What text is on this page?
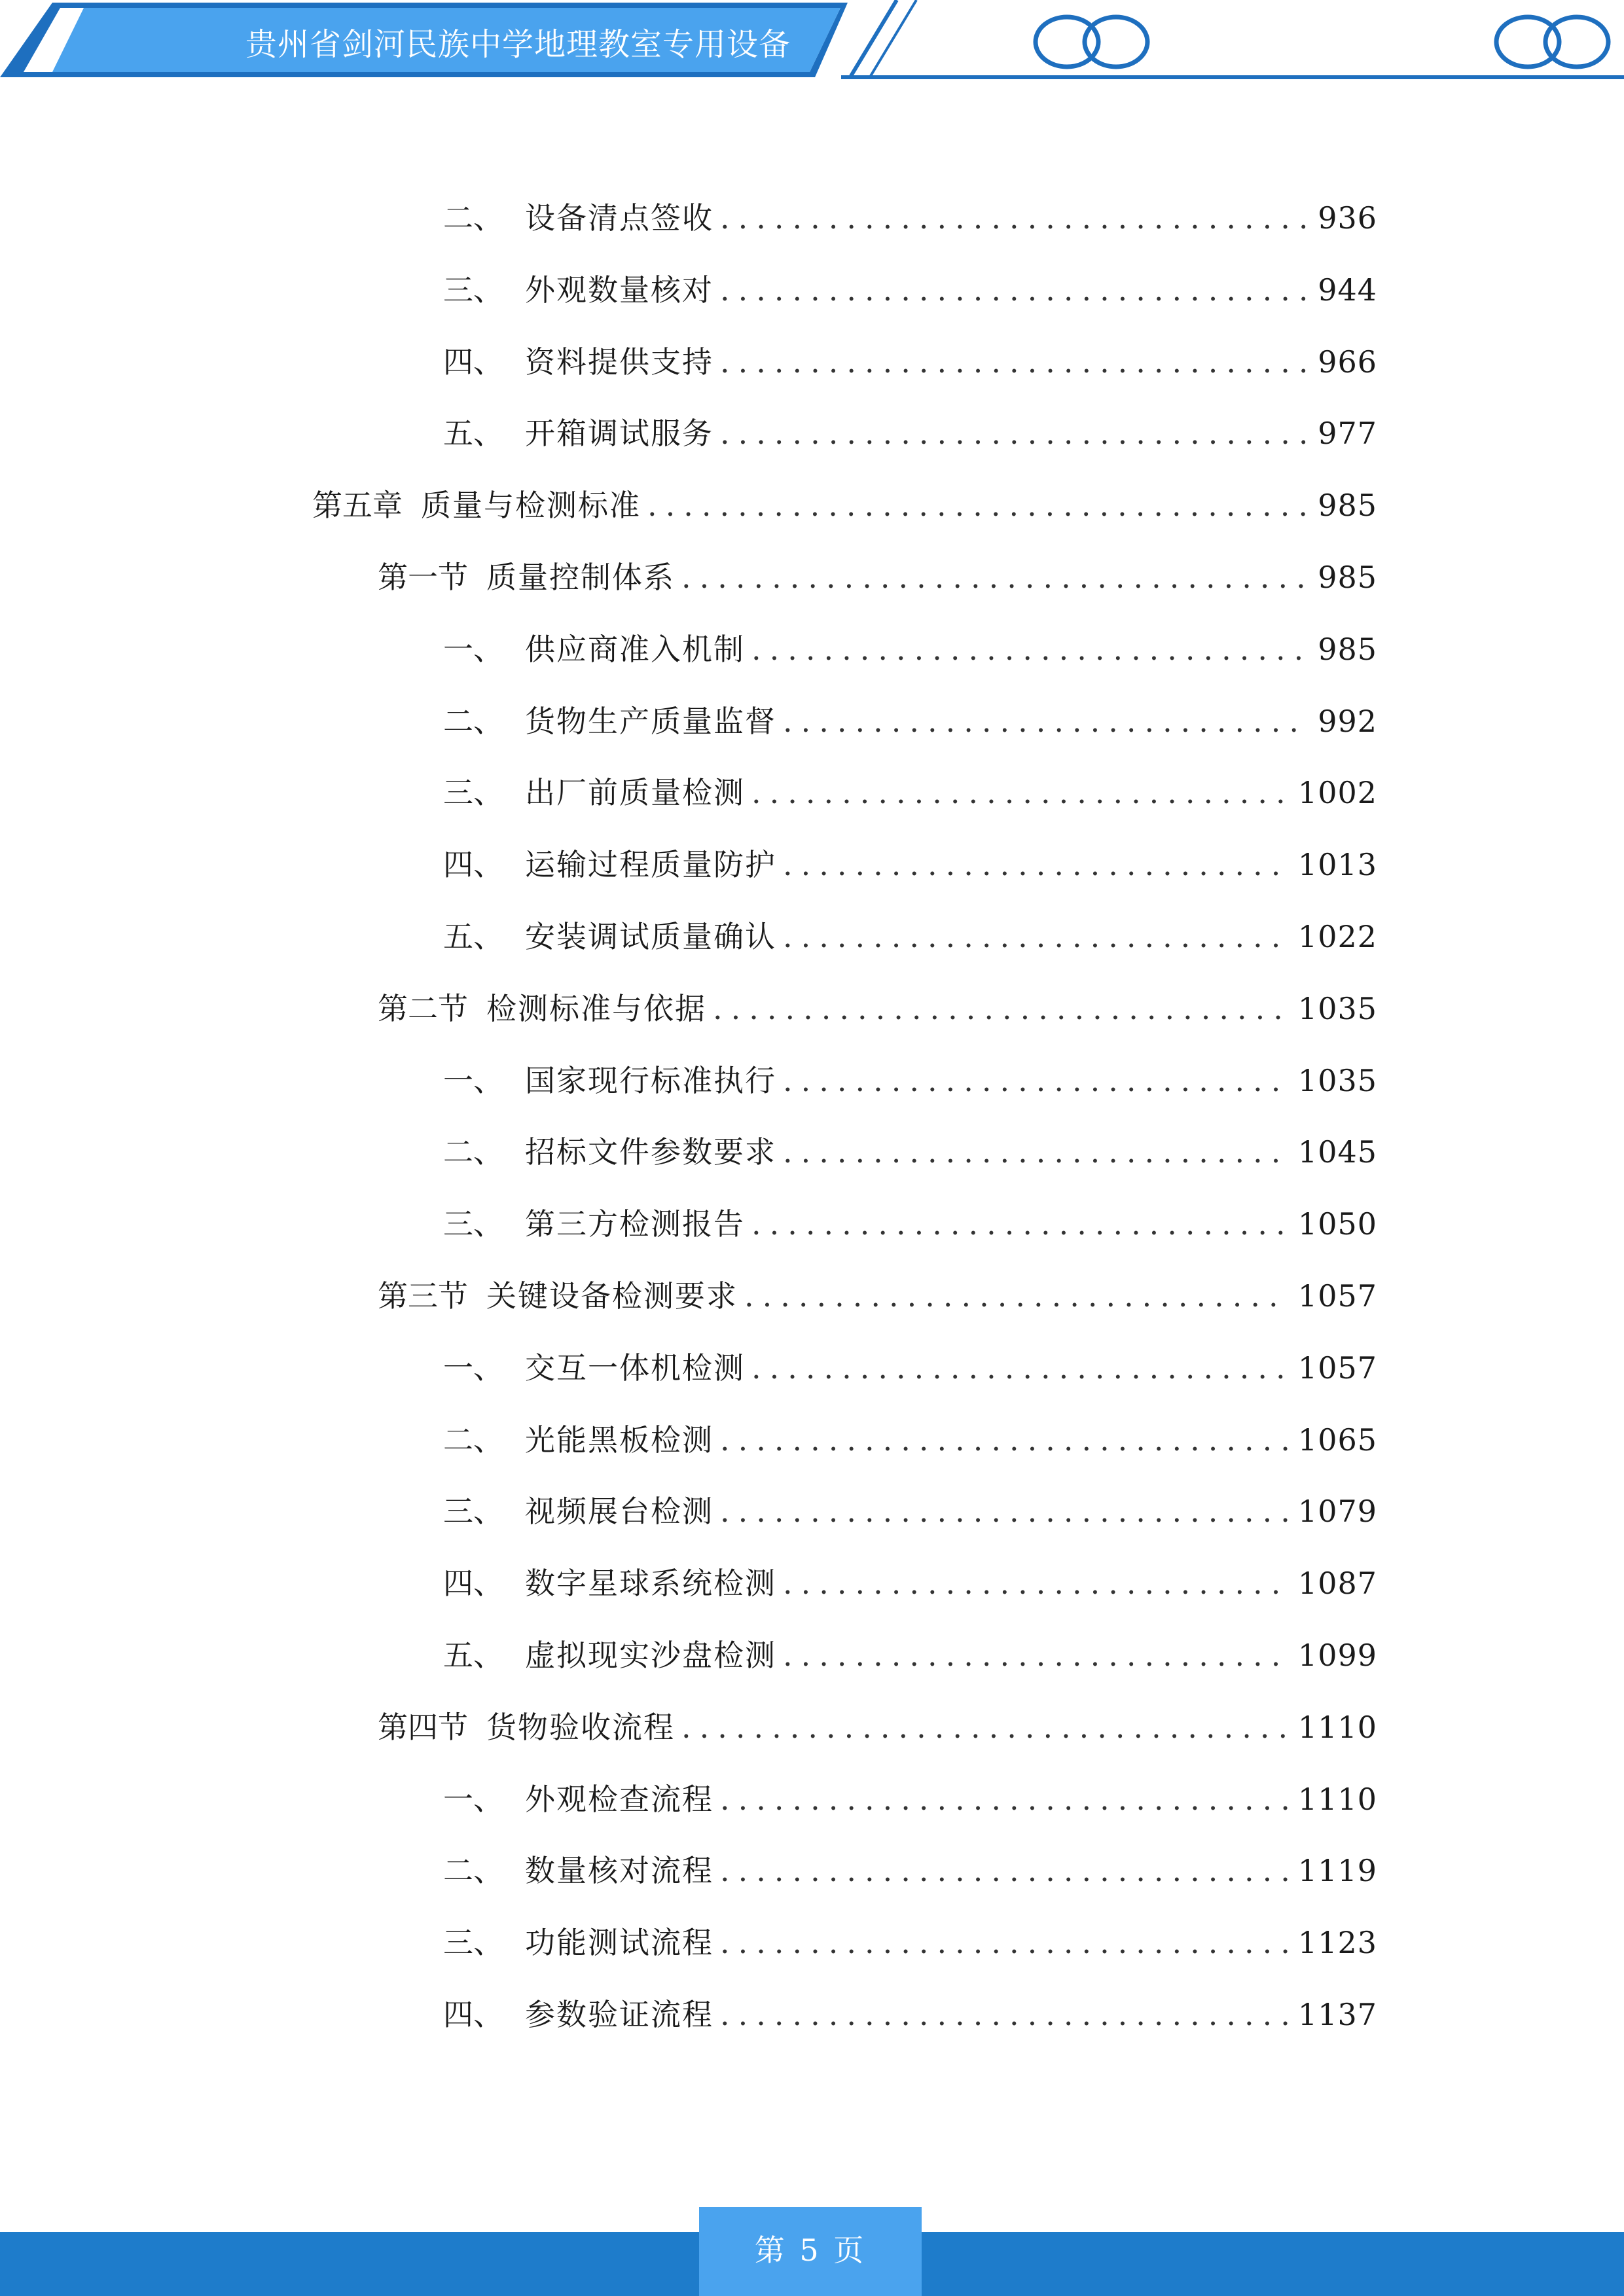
贵州省剑河民族中学地理教室专用设备
二、 设备清点签收 .....	936
三、 外观数量核对 .....	944
四、 资料提供支持 .....	966
五、 开箱调试服务 .....	977
第五章 质量与检测标准 .....	985
第一节 质量控制体系 .....	985
一、 供应商准入机制 .....	985
二、 货物生产质量监督 .....	992
三、 出厂前质量检测 .....	1002
四、 运输过程质量防护 .....	1013
五、 安装调试质量确认 .....	1022
第二节 检测标准与依据 .....	1035
一、 国家现行标准执行 .....	1035
二、 招标文件参数要求 .....	1045
三、 第三方检测报告 .....	1050
第三节 关键设备检测要求 .....	1057
一、 交互一体机检测 .....	1057
二、 光能黑板检测 .....	1065
三、 视频展台检测 .....	1079
四、 数字星球系统检测 .....	1087
五、 虚拟现实沙盘检测 .....	1099
第四节 货物验收流程 .....	1110
一、 外观检查流程 .....	1110
二、 数量核对流程 .....	1119
三、 功能测试流程 .....	1123
四、 参数验证流程 .....	1137
第 5 页
